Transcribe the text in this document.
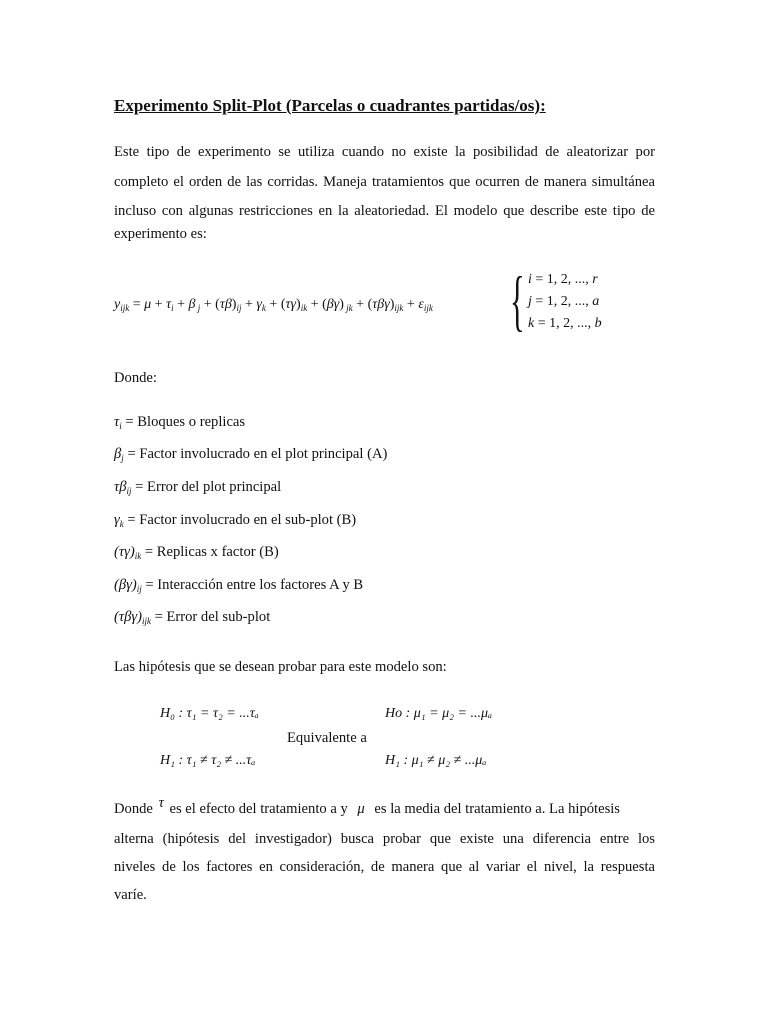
Experimento Split-Plot (Parcelas o cuadrantes partidas/os):
Este tipo de experimento se utiliza cuando no existe la posibilidad de aleatorizar por
completo el orden de las corridas. Maneja tratamientos que ocurren de manera simultánea
incluso con algunas restricciones en la aleatoriedad. El modelo que describe este tipo de
experimento es:
$y_{ijk} = \mu + \tau_i + \beta$ $_j + (\tau\beta)_{ij} + \gamma_k + (\tau\gamma)_{ik} + (\beta\gamma) _{jk} + (\tau\beta\gamma)_{ijk} + \varepsilon_{ijk}$ { i = 1, 2, ..., r
j = 1, 2, ..., a
k = 1, 2, ..., b
Donde:
$\tau_i$ = Bloques o replicas
$\beta_j$ = Factor involucrado en el plot principal (A)
$\tau\beta_{ij}$ = Error del plot principal
$\gamma_k$ = Factor involucrado en el sub-plot (B)
$(\tau\gamma)_{ik}$ = Replicas x factor (B)
$(\beta\gamma)_{ij}$ = Interacción entre los factores A y B
$(\tau\beta\gamma)_{ijk}$ = Error del sub-plot
Las hipótesis que se desean probar para este modelo son:
H₀ : τ₁ = τ₂ = ...τₐ	Ho : μ₁ = μ₂ = ...μₐ
Equivalente a
H₁ : τ₁ ≠ τ₂ ≠ ...τₐ	H₁ : μ₁ ≠ μ₂ ≠ ...μₐ
Donde τ es el efecto del tratamiento a y μ es la media del tratamiento a. La hipótesis
alterna (hipótesis del investigador) busca probar que existe una diferencia entre los
niveles de los factores en consideración, de manera que al variar el nivel, la respuesta
varíe.
